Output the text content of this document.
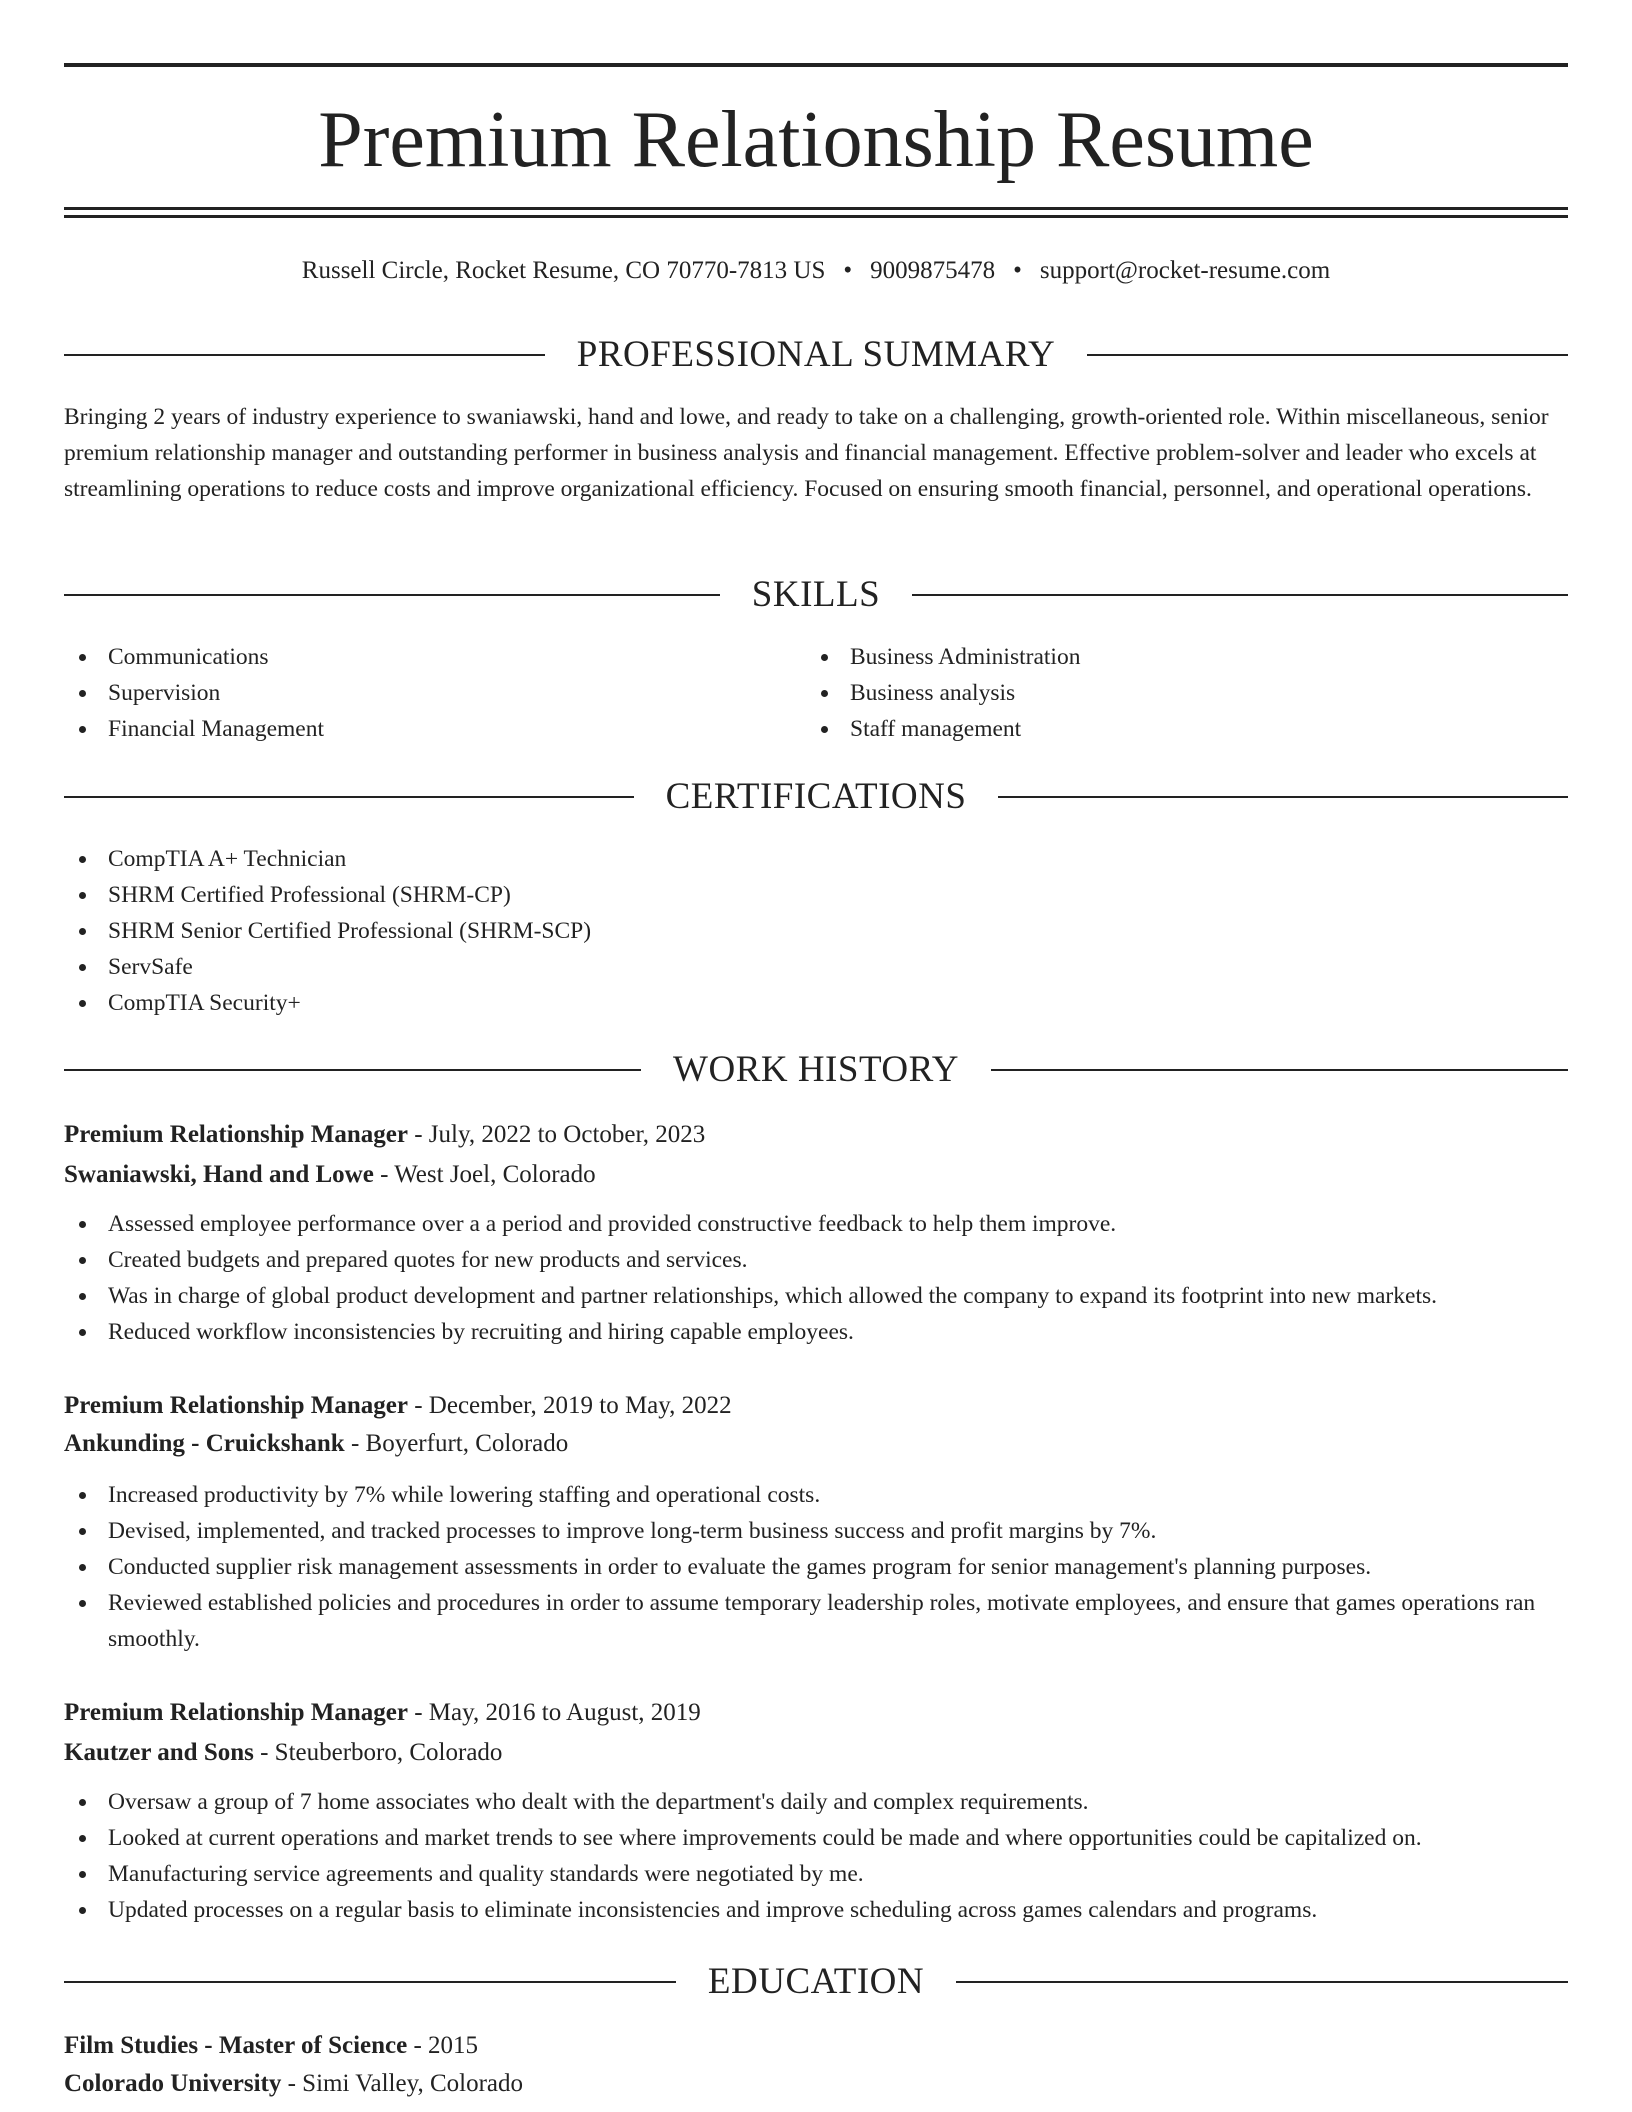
Premium Relationship Resume
Russell Circle, Rocket Resume, CO 70770-7813 US • 9009875478 • support@rocket-resume.com
PROFESSIONAL SUMMARY

Bringing 2 years of industry experience to swaniawski, hand and lowe, and ready to take on a challenging, growth-oriented role. Within miscellaneous, senior premium relationship manager and outstanding performer in business analysis and financial management. Effective problem-solver and leader who excels at streamlining operations to reduce costs and improve organizational efficiency. Focused on ensuring smooth financial, personnel, and operational operations.

SKILLS
Communications
Supervision
Financial Management
Business Administration
Business analysis
Staff management
CERTIFICATIONS
CompTIA A+ Technician
SHRM Certified Professional (SHRM-CP)
SHRM Senior Certified Professional (SHRM-SCP)
ServSafe
CompTIA Security+
WORK HISTORY
Premium Relationship Manager - July, 2022 to October, 2023
Swaniawski, Hand and Lowe - West Joel, Colorado
Assessed employee performance over a a period and provided constructive feedback to help them improve.
Created budgets and prepared quotes for new products and services.
Was in charge of global product development and partner relationships, which allowed the company to expand its footprint into new markets.
Reduced workflow inconsistencies by recruiting and hiring capable employees.
Premium Relationship Manager - December, 2019 to May, 2022
Ankunding - Cruickshank - Boyerfurt, Colorado
Increased productivity by 7% while lowering staffing and operational costs.
Devised, implemented, and tracked processes to improve long-term business success and profit margins by 7%.
Conducted supplier risk management assessments in order to evaluate the games program for senior management's planning purposes.
Reviewed established policies and procedures in order to assume temporary leadership roles, motivate employees, and ensure that games operations ran smoothly.
Premium Relationship Manager - May, 2016 to August, 2019
Kautzer and Sons - Steuberboro, Colorado
Oversaw a group of 7 home associates who dealt with the department's daily and complex requirements.
Looked at current operations and market trends to see where improvements could be made and where opportunities could be capitalized on.
Manufacturing service agreements and quality standards were negotiated by me.
Updated processes on a regular basis to eliminate inconsistencies and improve scheduling across games calendars and programs.
EDUCATION
Film Studies - Master of Science - 2015
Colorado University - Simi Valley, Colorado
